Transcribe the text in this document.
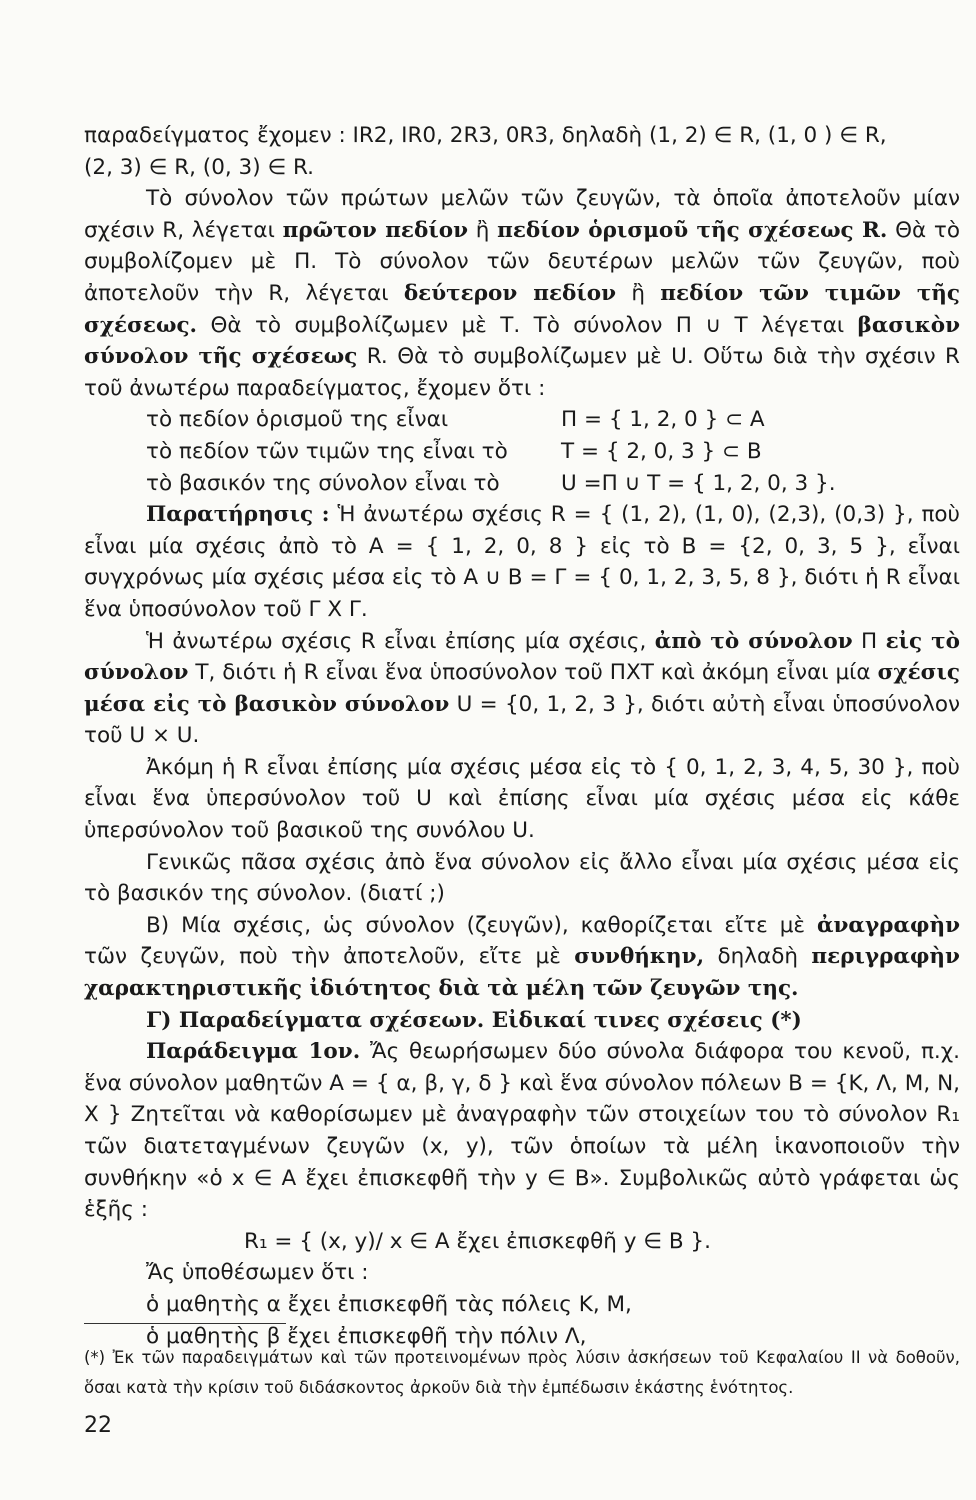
παραδείγματος ἔχομεν : ΙR2, ΙR0, 2R3, 0R3, δηλαδὴ (1, 2) ∈ R, (1, 0 ) ∈ R,
(2, 3) ∈ R, (0, 3) ∈ R.

Τὸ σύνολον τῶν πρώτων μελῶν τῶν ζευγῶν, τὰ ὁποῖα ἀποτελοῦν μίαν σχέσιν R, λέγεται πρῶτον πεδίον ἢ πεδίον ὁρισμοῦ τῆς σχέσεως R. Θὰ τὸ συμβολίζομεν μὲ Π. Τὸ σύνολον τῶν δευτέρων μελῶν τῶν ζευγῶν, ποὺ ἀποτελοῦν τὴν R, λέγεται δεύτερον πεδίον ἢ πεδίον τῶν τιμῶν τῆς σχέσεως. Θὰ τὸ συμβολίζωμεν μὲ Τ. Τὸ σύνολον Π ∪ Τ λέγεται βασικὸν σύνολον τῆς σχέσεως R. Θὰ τὸ συμβολίζωμεν μὲ U. Οὕτω διὰ τὴν σχέσιν R τοῦ ἀνωτέρω παραδείγματος, ἔχομεν ὅτι :

τὸ πεδίον ὁρισμοῦ της εἶναι	Π = { 1, 2, 0 } ⊂ Α
τὸ πεδίον τῶν τιμῶν της εἶναι τὸ	Τ = { 2, 0, 3 } ⊂ Β
τὸ βασικόν της σύνολον εἶναι τὸ	U =Π ∪ Τ = { 1, 2, 0, 3 }.

Παρατήρησις : Ἡ ἀνωτέρω σχέσις R = { (1, 2), (1, 0), (2,3), (0,3) }, ποὺ εἶναι μία σχέσις ἀπὸ τὸ Α = { 1, 2, 0, 8 } εἰς τὸ Β = {2, 0, 3, 5 }, εἶναι συγχρόνως μία σχέσις μέσα εἰς τὸ Α ∪ Β = Γ = { 0, 1, 2, 3, 5, 8 }, διότι ἡ R εἶναι ἕνα ὑποσύνολον τοῦ Γ Χ Γ.

Ἡ ἀνωτέρω σχέσις R εἶναι ἐπίσης μία σχέσις, ἀπὸ τὸ σύνολον Π εἰς τὸ σύνολον Τ, διότι ἡ R εἶναι ἕνα ὑποσύνολον τοῦ ΠΧΤ καὶ ἀκόμη εἶναι μία σχέσις μέσα εἰς τὸ βασικὸν σύνολον U = {0, 1, 2, 3 }, διότι αὐτὴ εἶναι ὑποσύνολον τοῦ U × U.

Ἀκόμη ἡ R εἶναι ἐπίσης μία σχέσις μέσα εἰς τὸ { 0, 1, 2, 3, 4, 5, 30 }, ποὺ εἶναι ἕνα ὑπερσύνολον τοῦ U καὶ ἐπίσης εἶναι μία σχέσις μέσα εἰς κάθε ὑπερσύνολον τοῦ βασικοῦ της συνόλου U.

Γενικῶς πᾶσα σχέσις ἀπὸ ἕνα σύνολον εἰς ἄλλο εἶναι μία σχέσις μέσα εἰς τὸ βασικόν της σύνολον. (διατί ;)

Β) Μία σχέσις, ὡς σύνολον (ζευγῶν), καθορίζεται εἴτε μὲ ἀναγραφὴν τῶν ζευγῶν, ποὺ τὴν ἀποτελοῦν, εἴτε μὲ συνθήκην, δηλαδὴ περιγραφὴν χαρακτηριστικῆς ἰδιότητος διὰ τὰ μέλη τῶν ζευγῶν της.

Γ) Παραδείγματα σχέσεων. Εἰδικαί τινες σχέσεις (*)

Παράδειγμα 1ον. Ἄς θεωρήσωμεν δύο σύνολα διάφορα του κενοῦ, π.χ. ἕνα σύνολον μαθητῶν Α = { α, β, γ, δ } καὶ ἕνα σύνολον πόλεων Β = {Κ, Λ, Μ, Ν, Χ } Ζητεῖται νὰ καθορίσωμεν μὲ ἀναγραφὴν τῶν στοιχείων του τὸ σύνολον R₁ τῶν διατεταγμένων ζευγῶν (x, y), τῶν ὁποίων τὰ μέλη ἱκανοποιοῦν τὴν συνθήκην «ὁ x ∈ Α ἔχει ἐπισκεφθῆ τὴν y ∈ Β». Συμβολικῶς αὐτὸ γράφεται ὡς ἑξῆς :

R₁ = { (x, y)/ x ∈ Α ἔχει ἐπισκεφθῆ y ∈ Β }.

Ἄς ὑποθέσωμεν ὅτι :

ὁ μαθητὴς α ἔχει ἐπισκεφθῆ τὰς πόλεις Κ, Μ,

ὁ μαθητὴς β ἔχει ἐπισκεφθῆ τὴν πόλιν Λ,

(*) Ἐκ τῶν παραδειγμάτων καὶ τῶν προτεινομένων πρὸς λύσιν ἀσκήσεων τοῦ Κεφαλαίου ΙΙ νὰ δοθοῦν, ὅσαι κατὰ τὴν κρίσιν τοῦ διδάσκοντος ἀρκοῦν διὰ τὴν ἐμπέδωσιν ἑκάστης ἑνότητος.
22
